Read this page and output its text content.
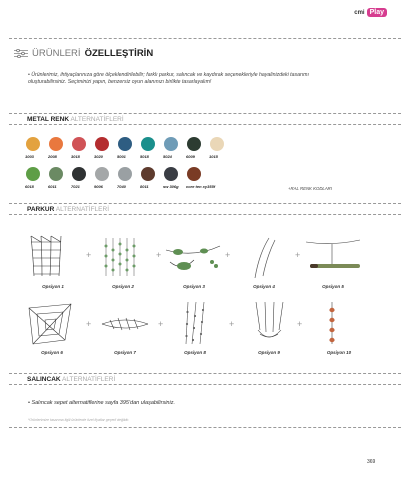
cmi Play
ÜRÜNLERİ ÖZELLEŞTİRİN
• Ürünlerimiz, ihtiyaçlarınıza göre ölçeklendirilebilir; farklı parkur, salıncak ve kaydırak seçenekleriyle hayalinizdeki tasarımı oluşturabilirsiniz. Seçiminizi yapın, benzersiz oyun alanınızı birlikte tasarlayalım!
METAL RENK ALTERNATİFLERİ
1003	2008	3018	3020	5001	5018	5024	6009	1015
6018	6011	7021	9006	7040	8011	sw 306g core ten xy355f	+RAL RENK KODLARI
PARKUR ALTERNATİFLERİ
+	+	+	+
Opsiyon 1	Opsiyon 2	Opsiyon 3	Opsiyon 4	Opsiyon 5
+	+	+	+
Opsiyon 6	Opsiyon 7	Opsiyon 8	Opsiyon 9	Opsiyon 10
SALINCAK ALTERNATİFLERİ
• Salıncak sepet alternatiflerine sayfa 395'dan ulaşabilirsiniz.
*Ürünlerimize tasarıma ilgili ürünlerde özel fiyatlar geçerli değildir.
369
